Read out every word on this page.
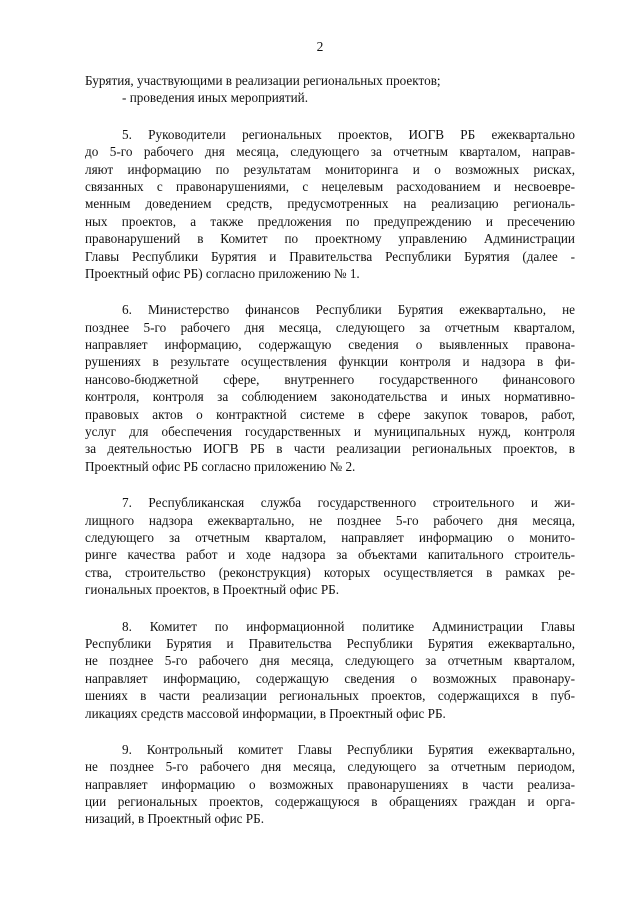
2
Бурятия, участвующими в реализации региональных проектов;
- проведения иных мероприятий.
5. Руководители региональных проектов, ИОГВ РБ ежеквартально
до 5-го рабочего дня месяца, следующего за отчетным кварталом, направ-
ляют информацию по результатам мониторинга и о возможных рисках,
связанных с правонарушениями, с нецелевым расходованием и несвоевре-
менным доведением средств, предусмотренных на реализацию региональ-
ных проектов, а также предложения по предупреждению и пресечению
правонарушений в Комитет по проектному управлению Администрации
Главы Республики Бурятия и Правительства Республики Бурятия (далее -
Проектный офис РБ) согласно приложению № 1.
6. Министерство финансов Республики Бурятия ежеквартально, не
позднее 5-го рабочего дня месяца, следующего за отчетным кварталом,
направляет информацию, содержащую сведения о выявленных правона-
рушениях в результате осуществления функции контроля и надзора в фи-
нансово-бюджетной сфере, внутреннего государственного финансового
контроля, контроля за соблюдением законодательства и иных нормативно-
правовых актов о контрактной системе в сфере закупок товаров, работ,
услуг для обеспечения государственных и муниципальных нужд, контроля
за деятельностью ИОГВ РБ в части реализации региональных проектов, в
Проектный офис РБ согласно приложению № 2.
7. Республиканская служба государственного строительного и жи-
лищного надзора ежеквартально, не позднее 5-го рабочего дня месяца,
следующего за отчетным кварталом, направляет информацию о монито-
ринге качества работ и ходе надзора за объектами капитального строитель-
ства, строительство (реконструкция) которых осуществляется в рамках ре-
гиональных проектов, в Проектный офис РБ.
8. Комитет по информационной политике Администрации Главы
Республики Бурятия и Правительства Республики Бурятия ежеквартально,
не позднее 5-го рабочего дня месяца, следующего за отчетным кварталом,
направляет информацию, содержащую сведения о возможных правонару-
шениях в части реализации региональных проектов, содержащихся в пуб-
ликациях средств массовой информации, в Проектный офис РБ.
9. Контрольный комитет Главы Республики Бурятия ежеквартально,
не позднее 5-го рабочего дня месяца, следующего за отчетным периодом,
направляет информацию о возможных правонарушениях в части реализа-
ции региональных проектов, содержащуюся в обращениях граждан и орга-
низаций, в Проектный офис РБ.
